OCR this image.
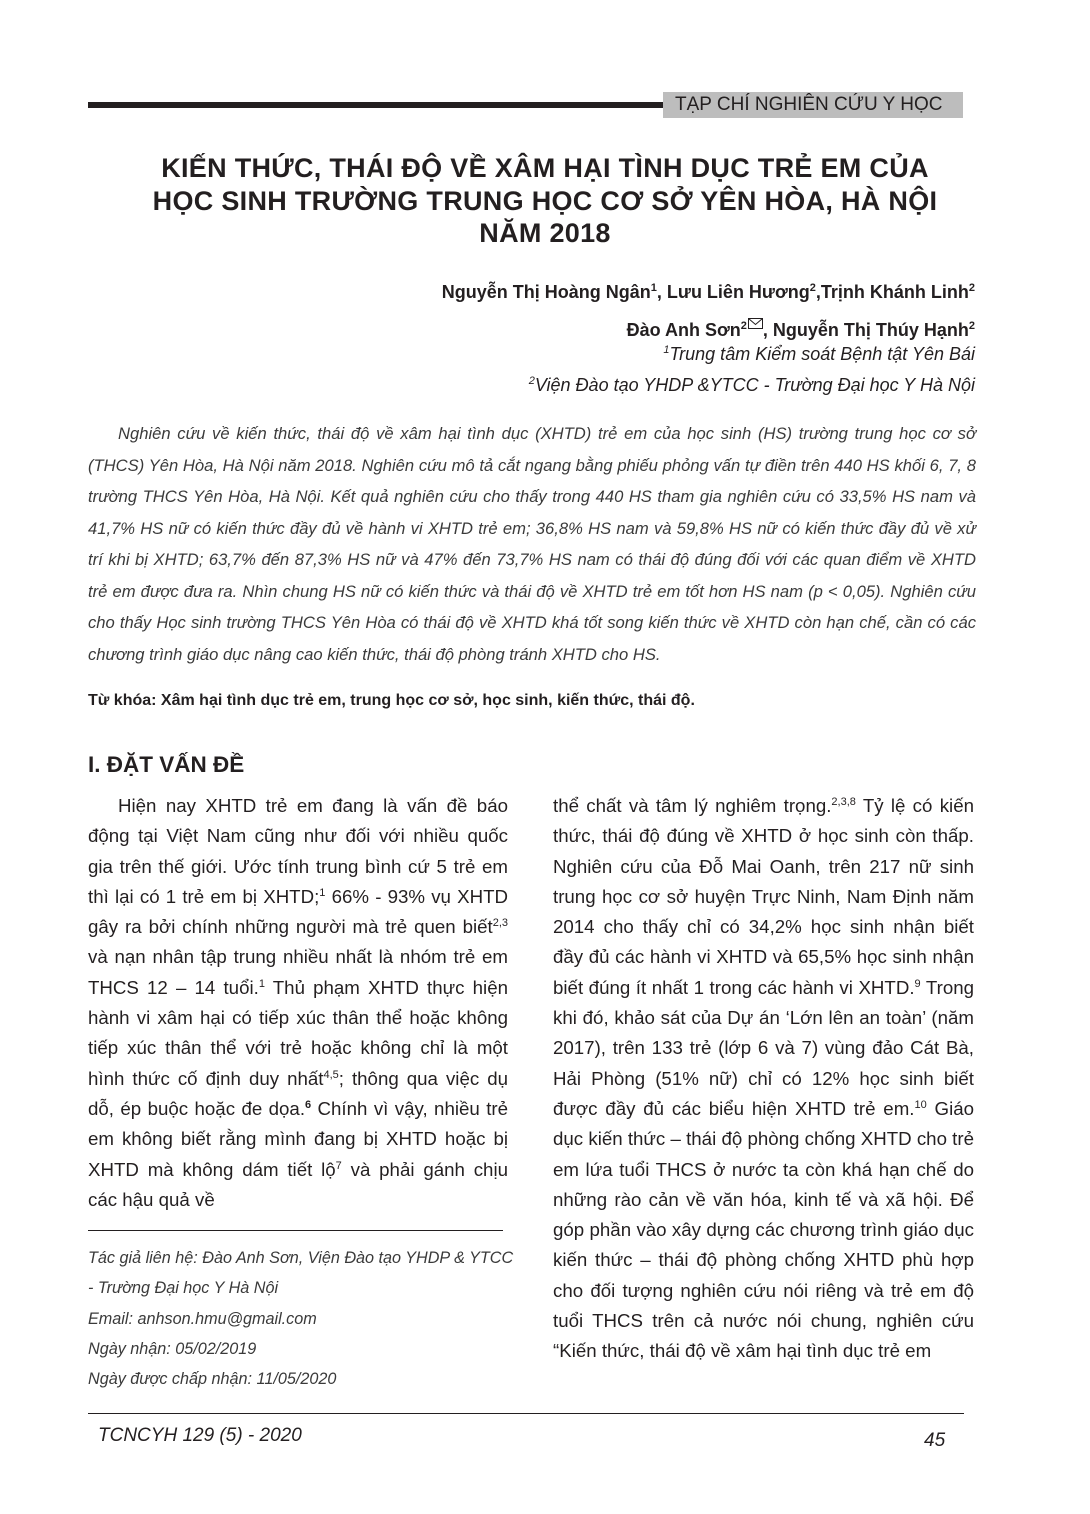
TẠP CHÍ NGHIÊN CỨU Y HỌC
KIẾN THỨC, THÁI ĐỘ VỀ XÂM HẠI TÌNH DỤC TRẺ EM CỦA
HỌC SINH TRƯỜNG TRUNG HỌC CƠ SỞ YÊN HÒA, HÀ NỘI
NĂM 2018
Nguyễn Thị Hoàng Ngân$^1$, Lưu Liên Hương$^2$,Trịnh Khánh Linh$^2$
Đào Anh Sơn$^2$ , Nguyễn Thị Thúy Hạnh$^2$
$^1$Trung tâm Kiểm soát Bệnh tật Yên Bái
$^2$Viện Đào tạo YHDP &YTCC - Trường Đại học Y Hà Nội
Nghiên cứu về kiến thức, thái độ về xâm hại tình dục (XHTD) trẻ em của học sinh (HS) trường trung học cơ sở (THCS) Yên Hòa, Hà Nội năm 2018. Nghiên cứu mô tả cắt ngang bằng phiếu phỏng vấn tự điền trên 440 HS khối 6, 7, 8 trường THCS Yên Hòa, Hà Nội. Kết quả nghiên cứu cho thấy trong 440 HS tham gia nghiên cứu có 33,5% HS nam và 41,7% HS nữ có kiến thức đầy đủ về hành vi XHTD trẻ em; 36,8% HS nam và 59,8% HS nữ có kiến thức đầy đủ về xử trí khi bị XHTD; 63,7% đến 87,3% HS nữ và 47% đến 73,7% HS nam có thái độ đúng đối với các quan điểm về XHTD trẻ em được đưa ra. Nhìn chung HS nữ có kiến thức và thái độ về XHTD trẻ em tốt hơn HS nam (p < 0,05). Nghiên cứu cho thấy Học sinh trường THCS Yên Hòa có thái độ về XHTD khá tốt song kiến thức về XHTD còn hạn chế, cần có các chương trình giáo dục nâng cao kiến thức, thái độ phòng tránh XHTD cho HS.
Từ khóa: Xâm hại tình dục trẻ em, trung học cơ sở, học sinh, kiến thức, thái độ.
I. ĐẶT VẤN ĐỀ
Hiện nay XHTD trẻ em đang là vấn đề báo động tại Việt Nam cũng như đối với nhiều quốc gia trên thế giới. Ước tính trung bình cứ 5 trẻ em thì lại có 1 trẻ em bị XHTD;$^1$ 66% - 93% vụ XHTD gây ra bởi chính những người mà trẻ quen biết$^{2,3}$ và nạn nhân tập trung nhiều nhất là nhóm trẻ em THCS 12 – 14 tuổi.$^1$ Thủ phạm XHTD thực hiện hành vi xâm hại có tiếp xúc thân thể hoặc không tiếp xúc thân thể với trẻ hoặc không chỉ là một hình thức cố định duy nhất$^{4,5}$; thông qua việc dụ dỗ, ép buộc hoặc đe dọa.$^6$ Chính vì vậy, nhiều trẻ em không biết rằng mình đang bị XHTD hoặc bị XHTD mà không dám tiết lộ$^7$ và phải gánh chịu các hậu quả về
thể chất và tâm lý nghiêm trọng.$^{2,3,8}$ Tỷ lệ có kiến thức, thái độ đúng về XHTD ở học sinh còn thấp. Nghiên cứu của Đỗ Mai Oanh, trên 217 nữ sinh trung học cơ sở huyện Trực Ninh, Nam Định năm 2014 cho thấy chỉ có 34,2% học sinh nhận biết đầy đủ các hành vi XHTD và 65,5% học sinh nhận biết đúng ít nhất 1 trong các hành vi XHTD.$^9$ Trong khi đó, khảo sát của Dự án ‘Lớn lên an toàn’ (năm 2017), trên 133 trẻ (lớp 6 và 7) vùng đảo Cát Bà, Hải Phòng (51% nữ) chỉ có 12% học sinh biết được đầy đủ các biểu hiện XHTD trẻ em.$^{10}$ Giáo dục kiến thức – thái độ phòng chống XHTD cho trẻ em lứa tuổi THCS ở nước ta còn khá hạn chế do những rào cản về văn hóa, kinh tế và xã hội. Để góp phần vào xây dựng các chương trình giáo dục kiến thức – thái độ phòng chống XHTD phù hợp cho đối tượng nghiên cứu nói riêng và trẻ em độ tuổi THCS trên cả nước nói chung, nghiên cứu “Kiến thức, thái độ về xâm hại tình dục trẻ em
Tác giả liên hệ: Đào Anh Sơn, Viện Đào tạo YHDP & YTCC - Trường Đại học Y Hà Nội
Email: anhson.hmu@gmail.com
Ngày nhận: 05/02/2019
Ngày được chấp nhận: 11/05/2020
TCNCYH 129 (5) - 2020	45
